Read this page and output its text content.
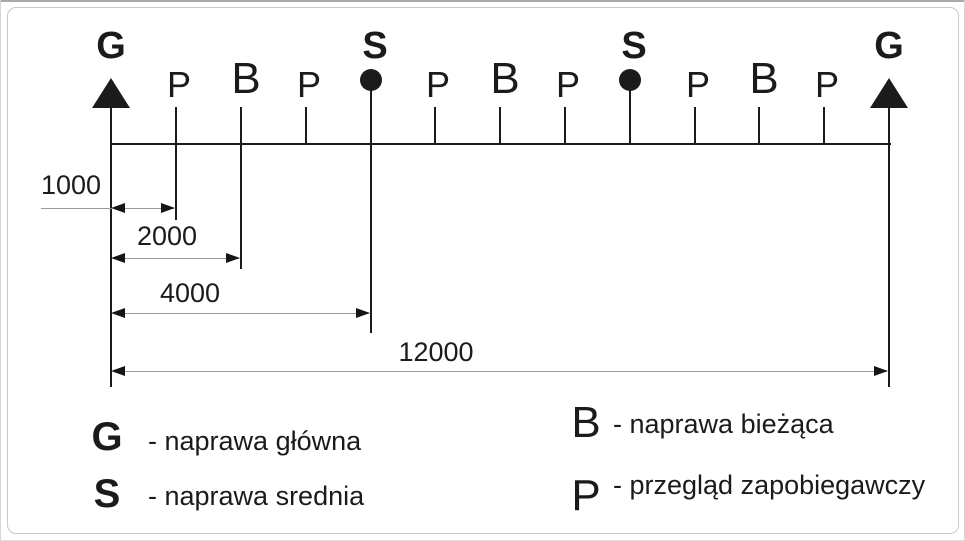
G
P B P
S
P B P
S
P B P
G
1000
2000
4000
12000
G - naprawa główna
S - naprawa srednia
B - naprawa bieżąca
P - przegląd zapobiegawczy
